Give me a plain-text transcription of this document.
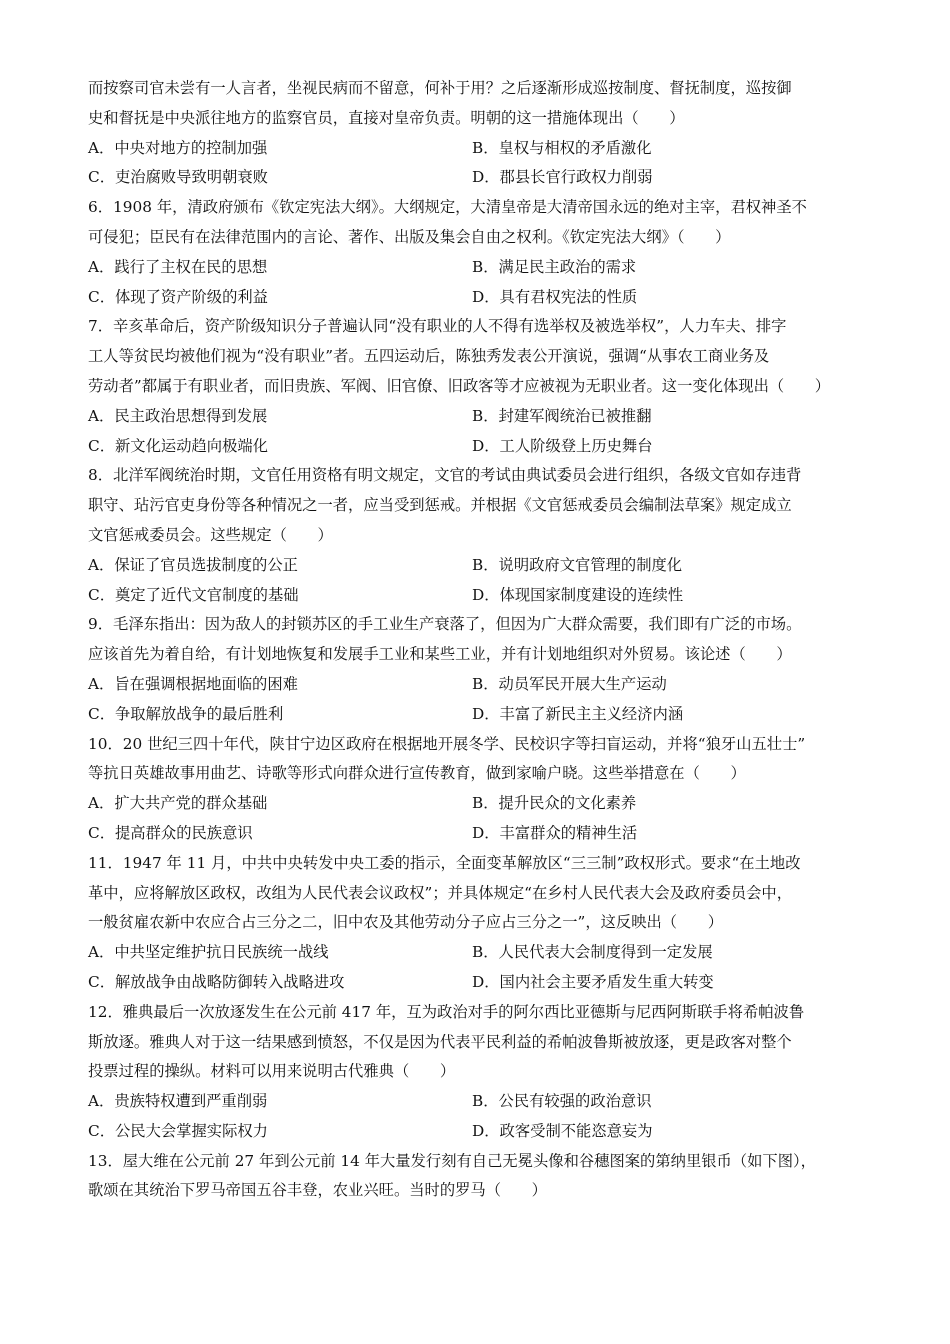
而按察司官未尝有一人言者，坐视民病而不留意，何补于用？之后逐渐形成巡按制度、督抚制度，巡按御
史和督抚是中央派往地方的监察官员，直接对皇帝负责。明朝的这一措施体现出（　　）
A．中央对地方的控制加强	B．皇权与相权的矛盾激化
C．吏治腐败导致明朝衰败	D．郡县长官行政权力削弱
6．1908 年，清政府颁布《钦定宪法大纲》。大纲规定，大清皇帝是大清帝国永远的绝对主宰，君权神圣不
可侵犯；臣民有在法律范围内的言论、著作、出版及集会自由之权利。《钦定宪法大纲》（　　）
A．践行了主权在民的思想	B．满足民主政治的需求
C．体现了资产阶级的利益	D．具有君权宪法的性质
7．辛亥革命后，资产阶级知识分子普遍认同“没有职业的人不得有选举权及被选举权”，人力车夫、排字
工人等贫民均被他们视为“没有职业”者。五四运动后，陈独秀发表公开演说，强调“从事农工商业务及
劳动者”都属于有职业者，而旧贵族、军阀、旧官僚、旧政客等才应被视为无职业者。这一变化体现出（　　）
A．民主政治思想得到发展	B．封建军阀统治已被推翻
C．新文化运动趋向极端化	D．工人阶级登上历史舞台
8．北洋军阀统治时期，文官任用资格有明文规定，文官的考试由典试委员会进行组织，各级文官如存违背
职守、玷污官吏身份等各种情况之一者，应当受到惩戒。并根据《文官惩戒委员会编制法草案》规定成立
文官惩戒委员会。这些规定（　　）
A．保证了官员选拔制度的公正	B．说明政府文官管理的制度化
C．奠定了近代文官制度的基础	D．体现国家制度建设的连续性
9．毛泽东指出：因为敌人的封锁苏区的手工业生产衰落了，但因为广大群众需要，我们即有广泛的市场。
应该首先为着自给，有计划地恢复和发展手工业和某些工业，并有计划地组织对外贸易。该论述（　　）
A．旨在强调根据地面临的困难	B．动员军民开展大生产运动
C．争取解放战争的最后胜利	D．丰富了新民主主义经济内涵
10．20 世纪三四十年代，陕甘宁边区政府在根据地开展冬学、民校识字等扫盲运动，并将“狼牙山五壮士”
等抗日英雄故事用曲艺、诗歌等形式向群众进行宣传教育，做到家喻户晓。这些举措意在（　　）
A．扩大共产党的群众基础	B．提升民众的文化素养
C．提高群众的民族意识	D．丰富群众的精神生活
11．1947 年 11 月，中共中央转发中央工委的指示，全面变革解放区“三三制”政权形式。要求“在土地改
革中，应将解放区政权，改组为人民代表会议政权”；并具体规定“在乡村人民代表大会及政府委员会中，
一般贫雇农新中农应合占三分之二，旧中农及其他劳动分子应占三分之一”，这反映出（　　）
A．中共坚定维护抗日民族统一战线	B．人民代表大会制度得到一定发展
C．解放战争由战略防御转入战略进攻	D．国内社会主要矛盾发生重大转变
12．雅典最后一次放逐发生在公元前 417 年，互为政治对手的阿尔西比亚德斯与尼西阿斯联手将希帕波鲁
斯放逐。雅典人对于这一结果感到愤怒，不仅是因为代表平民利益的希帕波鲁斯被放逐，更是政客对整个
投票过程的操纵。材料可以用来说明古代雅典（　　）
A．贵族特权遭到严重削弱	B．公民有较强的政治意识
C．公民大会掌握实际权力	D．政客受制不能恣意妄为
13．屋大维在公元前 27 年到公元前 14 年大量发行刻有自己无冕头像和谷穗图案的第纳里银币（如下图），
歌颂在其统治下罗马帝国五谷丰登，农业兴旺。当时的罗马（　　）
